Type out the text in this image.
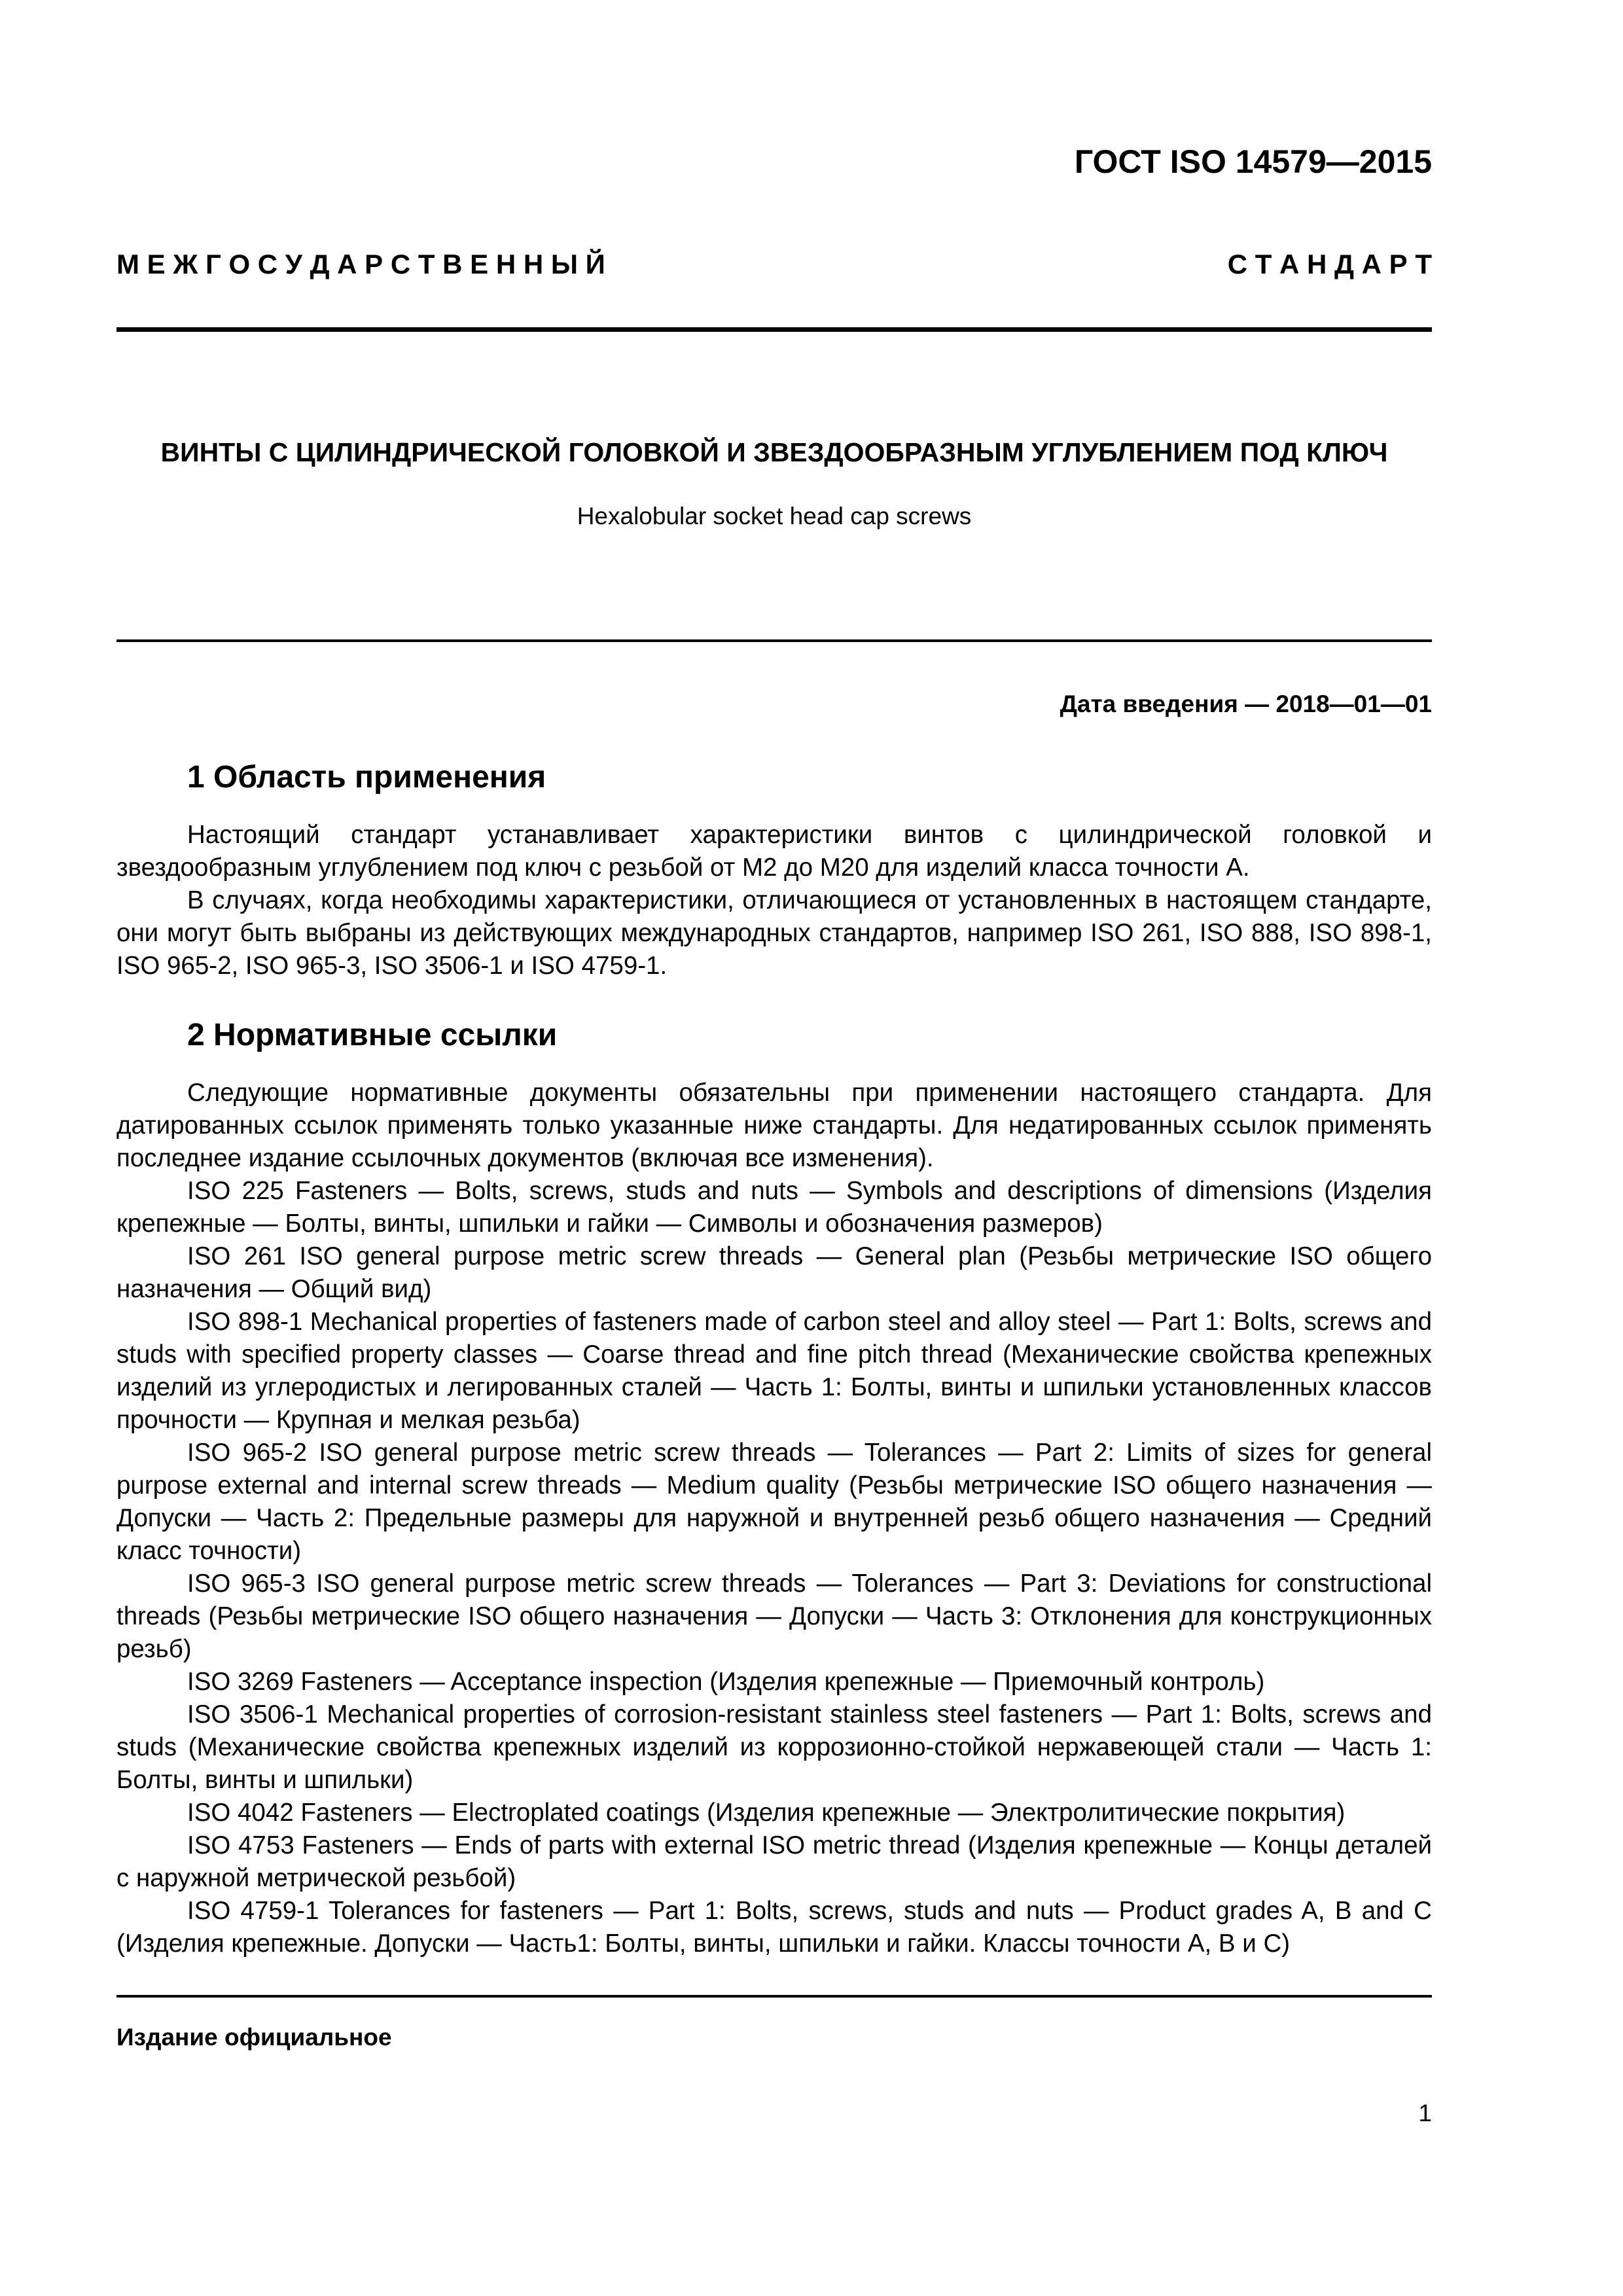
ГОСТ ISO 14579—2015
М Е Ж Г О С У Д А Р С Т В Е Н Н Ы Й	С Т А Н Д А Р Т
ВИНТЫ С ЦИЛИНДРИЧЕСКОЙ ГОЛОВКОЙ И ЗВЕЗДООБРАЗНЫМ УГЛУБЛЕНИЕМ ПОД КЛЮЧ
Hexalobular socket head cap screws
Дата введения — 2018—01—01
1 Область применения

Настоящий стандарт устанавливает характеристики винтов с цилиндрической головкой и звездообразным углублением под ключ с резьбой от М2 до М20 для изделий класса точности А.

В случаях, когда необходимы характеристики, отличающиеся от установленных в настоящем стандарте, они могут быть выбраны из действующих международных стандартов, например ISO 261, ISO 888, ISO 898-1, ISO 965-2, ISO 965-3, ISO 3506-1 и ISO 4759-1.

2 Нормативные ссылки

Следующие нормативные документы обязательны при применении настоящего стандарта. Для датированных ссылок применять только указанные ниже стандарты. Для недатированных ссылок применять последнее издание ссылочных документов (включая все изменения).

ISO 225 Fasteners — Bolts, screws, studs and nuts — Symbols and descriptions of dimensions (Изделия крепежные — Болты, винты, шпильки и гайки — Символы и обозначения размеров)

ISO 261 ISO general purpose metric screw threads — General plan (Резьбы метрические ISO общего назначения — Общий вид)

ISO 898-1 Mechanical properties of fasteners made of carbon steel and alloy steel — Part 1: Bolts, screws and studs with specified property classes — Coarse thread and fine pitch thread (Механические свойства крепежных изделий из углеродистых и легированных сталей — Часть 1: Болты, винты и шпильки установленных классов прочности — Крупная и мелкая резьба)

ISO 965-2 ISO general purpose metric screw threads — Tolerances — Part 2: Limits of sizes for general purpose external and internal screw threads — Medium quality (Резьбы метрические ISO общего назначения — Допуски — Часть 2: Предельные размеры для наружной и внутренней резьб общего назначения — Средний класс точности)

ISO 965-3 ISO general purpose metric screw threads — Tolerances — Part 3: Deviations for constructional threads (Резьбы метрические ISO общего назначения — Допуски — Часть 3: Отклонения для конструкционных резьб)

ISO 3269 Fasteners — Acceptance inspection (Изделия крепежные — Приемочный контроль)

ISO 3506-1 Mechanical properties of corrosion-resistant stainless steel fasteners — Part 1: Bolts, screws and studs (Механические свойства крепежных изделий из коррозионно-стойкой нержавеющей стали — Часть 1: Болты, винты и шпильки)

ISO 4042 Fasteners — Electroplated coatings (Изделия крепежные — Электролитические покрытия)

ISO 4753 Fasteners — Ends of parts with external ISO metric thread (Изделия крепежные — Концы деталей с наружной метрической резьбой)

ISO 4759-1 Tolerances for fasteners — Part 1: Bolts, screws, studs and nuts — Product grades A, B and C (Изделия крепежные. Допуски — Часть1: Болты, винты, шпильки и гайки. Классы точности А, В и С)

Издание официальное
1
